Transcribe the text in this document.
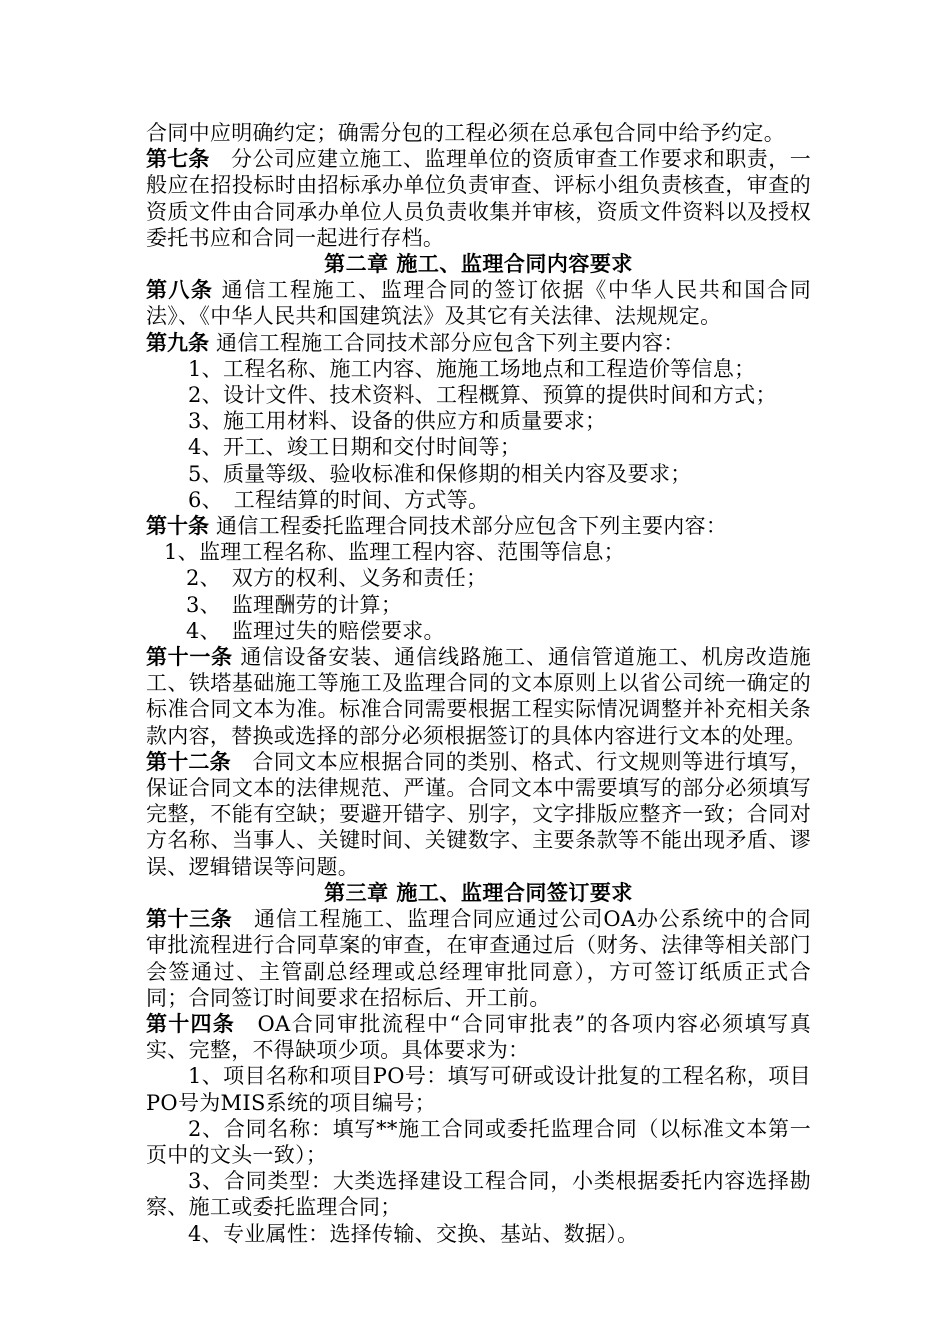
合同中应明确约定；确需分包的工程必须在总承包合同中给予约定。

第七条　分公司应建立施工、监理单位的资质审查工作要求和职责，一般应在招投标时由招标承办单位负责审查、评标小组负责核查，审查的资质文件由合同承办单位人员负责收集并审核，资质文件资料以及授权委托书应和合同一起进行存档。

第二章 施工、监理合同内容要求

第八条 通信工程施工、监理合同的签订依据《中华人民共和国合同法》、《中华人民共和国建筑法》及其它有关法律、法规规定。

第九条 通信工程施工合同技术部分应包含下列主要内容：

1、工程名称、施工内容、施施工场地点和工程造价等信息；

2、设计文件、技术资料、工程概算、预算的提供时间和方式；

3、施工用材料、设备的供应方和质量要求；

4、开工、竣工日期和交付时间等；

5、质量等级、验收标准和保修期的相关内容及要求；

6、　工程结算的时间、方式等。

第十条 通信工程委托监理合同技术部分应包含下列主要内容：

1、监理工程名称、监理工程内容、范围等信息；

2、　双方的权利、义务和责任；

3、　监理酬劳的计算；

4、　监理过失的赔偿要求。

第十一条 通信设备安装、通信线路施工、通信管道施工、机房改造施工、铁塔基础施工等施工及监理合同的文本原则上以省公司统一确定的标准合同文本为准。标准合同需要根据工程实际情况调整并补充相关条款内容，替换或选择的部分必须根据签订的具体内容进行文本的处理。

第十二条　合同文本应根据合同的类别、格式、行文规则等进行填写，保证合同文本的法律规范、严谨。合同文本中需要填写的部分必须填写完整，不能有空缺；要避开错字、别字，文字排版应整齐一致；合同对方名称、当事人、关键时间、关键数字、主要条款等不能出现矛盾、谬误、逻辑错误等问题。

第三章 施工、监理合同签订要求

第十三条　通信工程施工、监理合同应通过公司OA办公系统中的合同审批流程进行合同草案的审查，在审查通过后（财务、法律等相关部门会签通过、主管副总经理或总经理审批同意），方可签订纸质正式合同；合同签订时间要求在招标后、开工前。

第十四条　OA合同审批流程中“合同审批表”的各项内容必须填写真实、完整，不得缺项少项。具体要求为：

1、项目名称和项目PO号：填写可研或设计批复的工程名称，项目PO号为MIS系统的项目编号；

2、合同名称：填写**施工合同或委托监理合同（以标准文本第一页中的文头一致）；

3、合同类型：大类选择建设工程合同，小类根据委托内容选择勘察、施工或委托监理合同；

4、专业属性：选择传输、交换、基站、数据）。
